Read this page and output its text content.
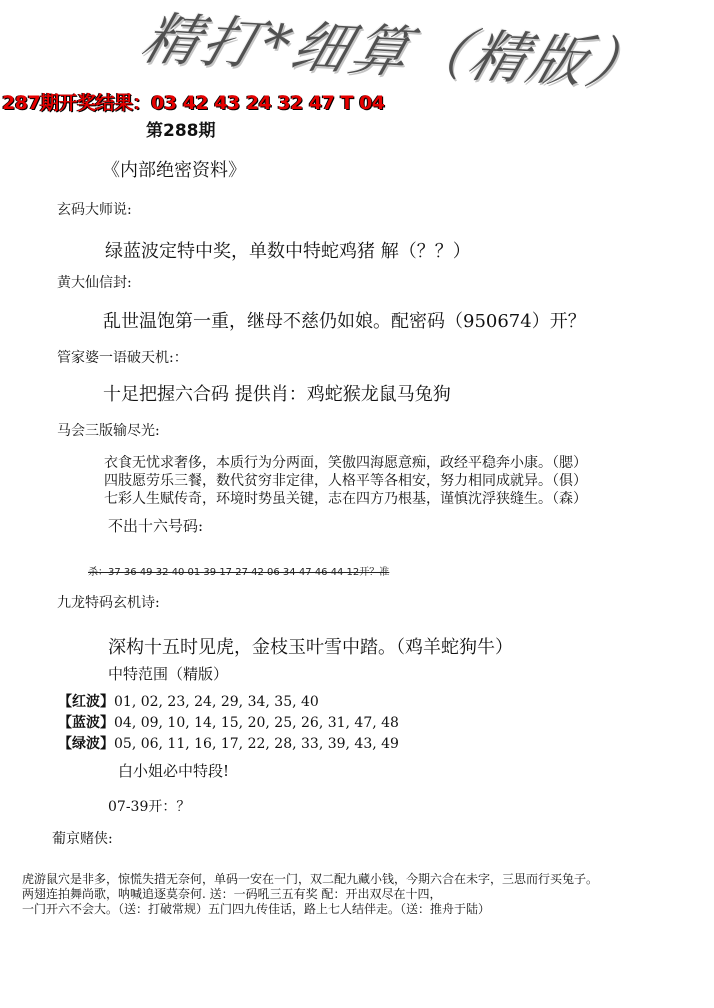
精打*细算（精版）
287期开奖结果：03 42 43 24 32 47 T 04
第288期
《内部绝密资料》
玄码大师说:
绿蓝波定特中奖，单数中特蛇鸡猪 解（？？）
黄大仙信封:
乱世温饱第一重，继母不慈仍如娘。配密码（950674）开？
管家婆一语破天机:：
十足把握六合码 提供肖：鸡蛇猴龙鼠马兔狗
马会三版输尽光:
衣食无忧求奢侈，本质行为分两面，笑傲四海愿意痴，政经平稳奔小康。（腮）
四肢愿劳乐三餐，数代贫穷非定律，人格平等各相安，努力相同成就异。（俱）
七彩人生赋传奇，环境时势虽关键，志在四方乃根基，谨慎沈浮狭缝生。（森）
不出十六号码:
杀：37 36 49 32 40 01 39 17 27 42 06 34 47 46 44 12开？准
九龙特码玄机诗:
深构十五时见虎，金枝玉叶雪中踏。（鸡羊蛇狗牛）
中特范围（精版）
【红波】01, 02, 23, 24, 29, 34, 35, 40
【蓝波】04, 09, 10, 14, 15, 20, 25, 26, 31, 47, 48
【绿波】05, 06, 11, 16, 17, 22, 28, 33, 39, 43, 49
白小姐必中特段!
07-39开：？
葡京赌侠:
虎游鼠穴是非多，惊慌失措无奈何，单码一安在一门，双二配九藏小钱，今期六合在未字，三思而行买兔子。
两翅连拍舞尚歌，呐喊追逐莫奈何. 送：一码吼三五有奖 配：开出双尽在十四，
一门开六不会大。（送：打破常规）五门四九传佳话，路上七人结伴走。（送：推舟于陆）
